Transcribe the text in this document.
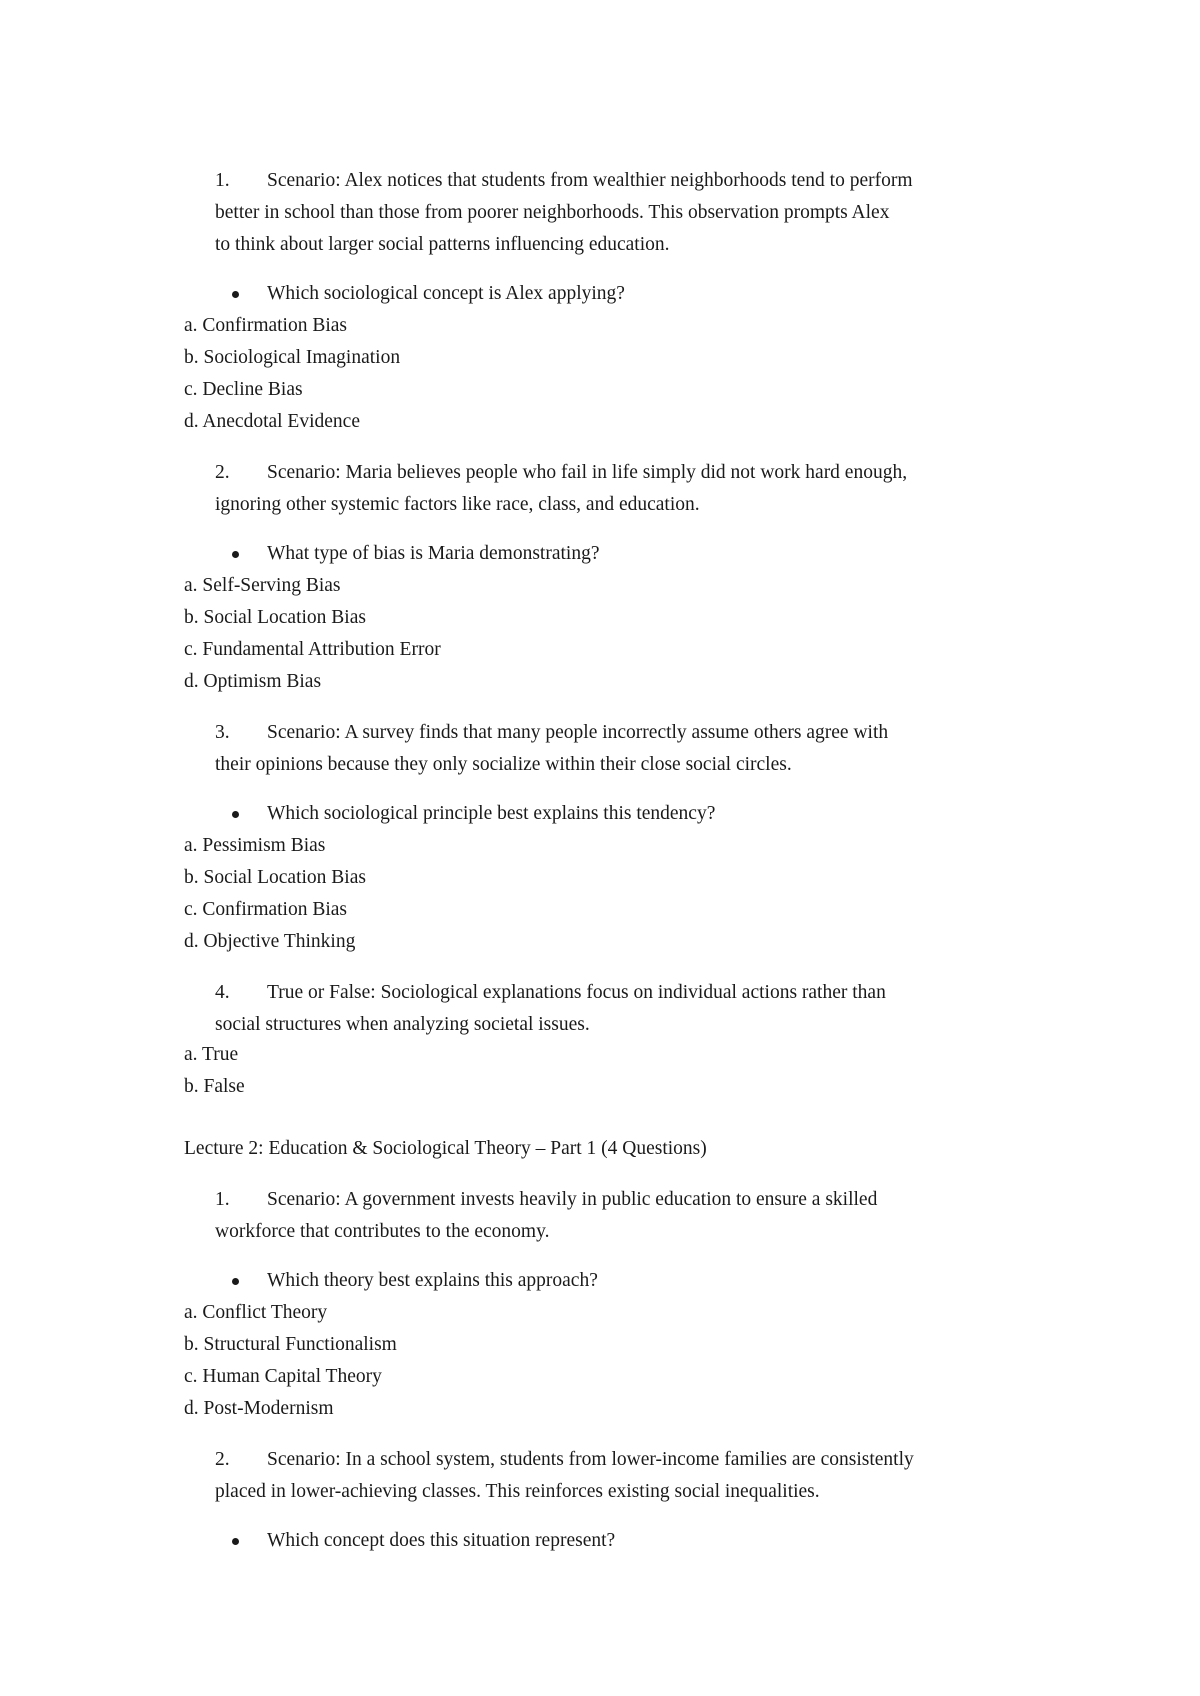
1. Scenario: Alex notices that students from wealthier neighborhoods tend to perform
better in school than those from poorer neighborhoods. This observation prompts Alex
to think about larger social patterns influencing education.
Which sociological concept is Alex applying?
a. Confirmation Bias
b. Sociological Imagination
c. Decline Bias
d. Anecdotal Evidence
2. Scenario: Maria believes people who fail in life simply did not work hard enough,
ignoring other systemic factors like race, class, and education.
What type of bias is Maria demonstrating?
a. Self-Serving Bias
b. Social Location Bias
c. Fundamental Attribution Error
d. Optimism Bias
3. Scenario: A survey finds that many people incorrectly assume others agree with
their opinions because they only socialize within their close social circles.
Which sociological principle best explains this tendency?
a. Pessimism Bias
b. Social Location Bias
c. Confirmation Bias
d. Objective Thinking
4. True or False: Sociological explanations focus on individual actions rather than
social structures when analyzing societal issues.
a. True
b. False
Lecture 2: Education & Sociological Theory – Part 1 (4 Questions)
1. Scenario: A government invests heavily in public education to ensure a skilled
workforce that contributes to the economy.
Which theory best explains this approach?
a. Conflict Theory
b. Structural Functionalism
c. Human Capital Theory
d. Post-Modernism
2. Scenario: In a school system, students from lower-income families are consistently
placed in lower-achieving classes. This reinforces existing social inequalities.
Which concept does this situation represent?
